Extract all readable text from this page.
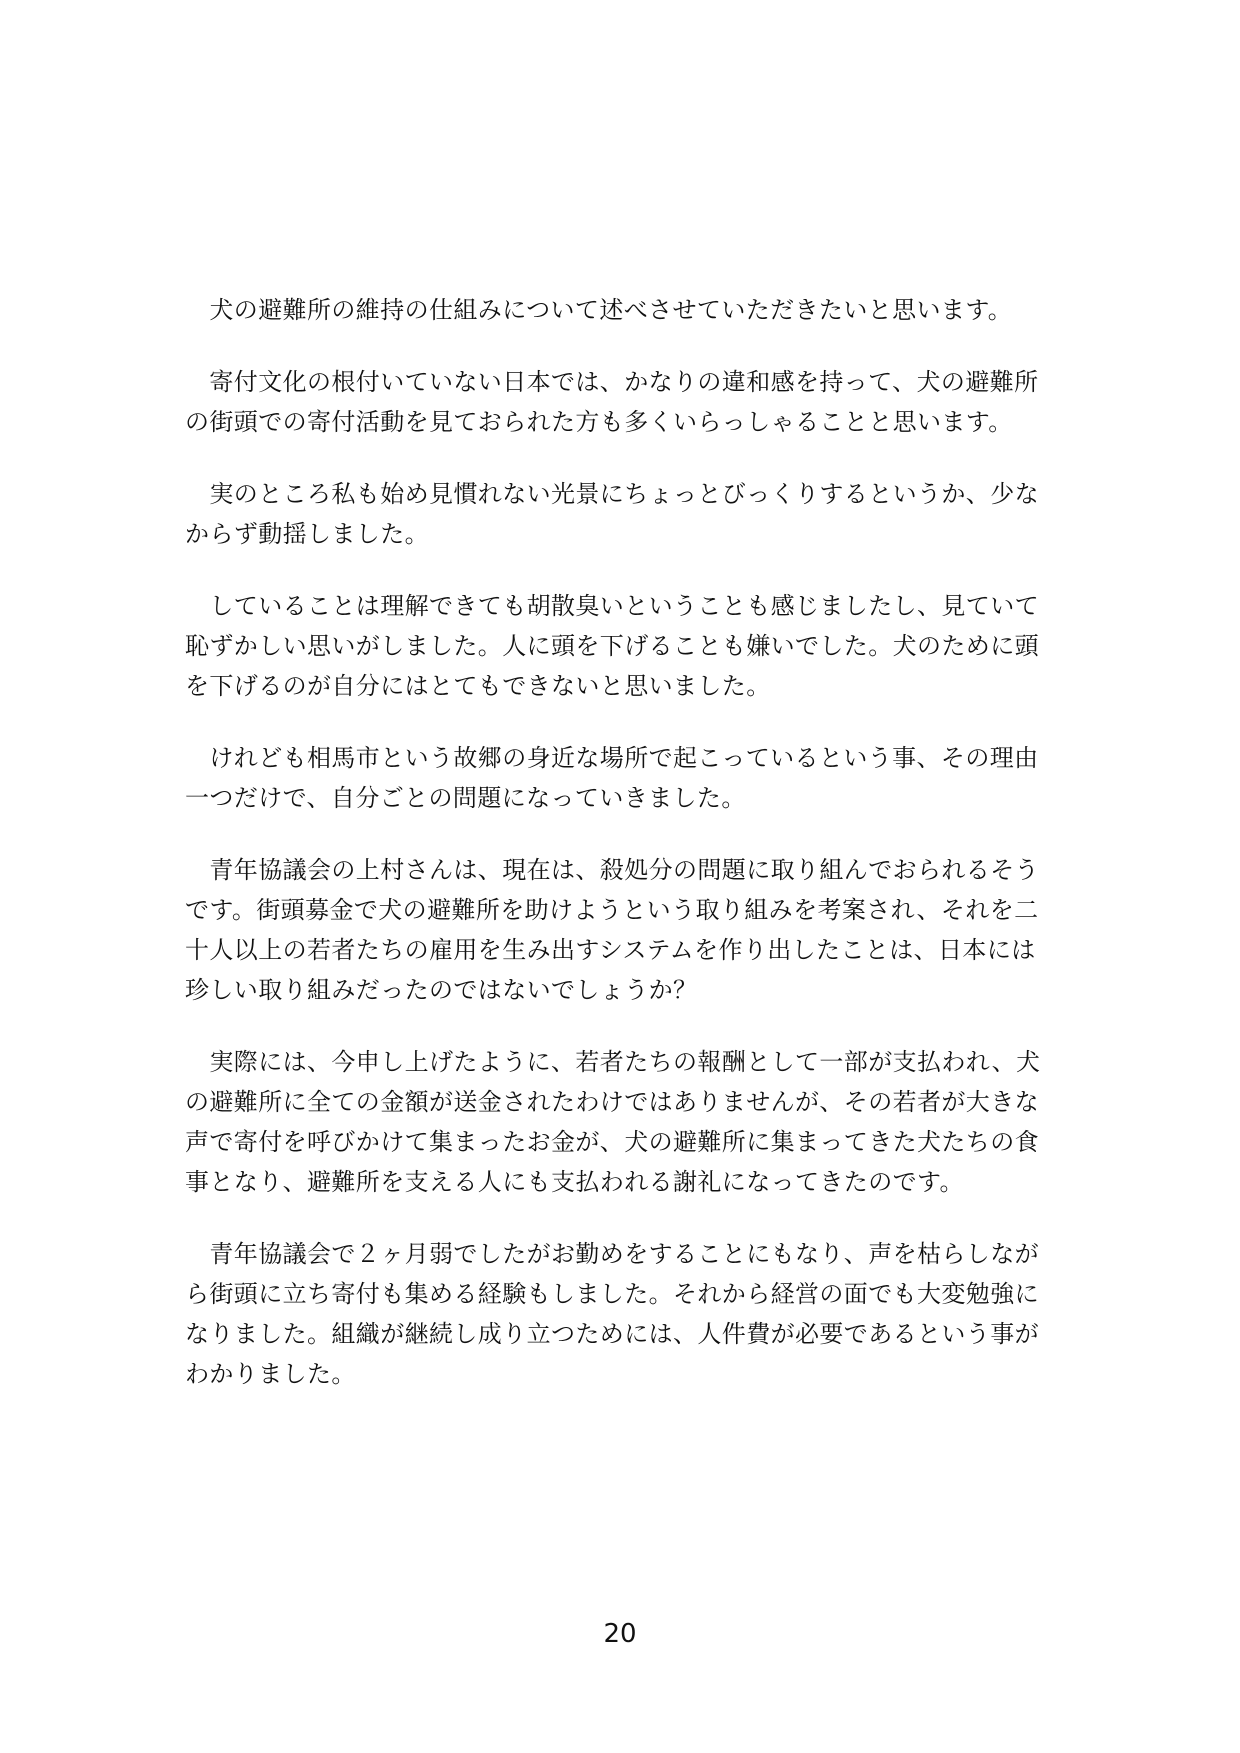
　犬の避難所の維持の仕組みについて述べさせていただきたいと思います。

　寄付文化の根付いていない日本では、かなりの違和感を持って、犬の避難所
の街頭での寄付活動を見ておられた方も多くいらっしゃることと思います。

　実のところ私も始め見慣れない光景にちょっとびっくりするというか、少な
からず動揺しました。

　していることは理解できても胡散臭いということも感じましたし、見ていて
恥ずかしい思いがしました。人に頭を下げることも嫌いでした。犬のために頭
を下げるのが自分にはとてもできないと思いました。

　けれども相馬市という故郷の身近な場所で起こっているという事、その理由
一つだけで、自分ごとの問題になっていきました。

　青年協議会の上村さんは、現在は、殺処分の問題に取り組んでおられるそう
です。街頭募金で犬の避難所を助けようという取り組みを考案され、それを二
十人以上の若者たちの雇用を生み出すシステムを作り出したことは、日本には
珍しい取り組みだったのではないでしょうか？

　実際には、今申し上げたように、若者たちの報酬として一部が支払われ、犬
の避難所に全ての金額が送金されたわけではありませんが、その若者が大きな
声で寄付を呼びかけて集まったお金が、犬の避難所に集まってきた犬たちの食
事となり、避難所を支える人にも支払われる謝礼になってきたのです。

　青年協議会で２ヶ月弱でしたがお勤めをすることにもなり、声を枯らしなが
ら街頭に立ち寄付も集める経験もしました。それから経営の面でも大変勉強に
なりました。組織が継続し成り立つためには、人件費が必要であるという事が
わかりました。

20
